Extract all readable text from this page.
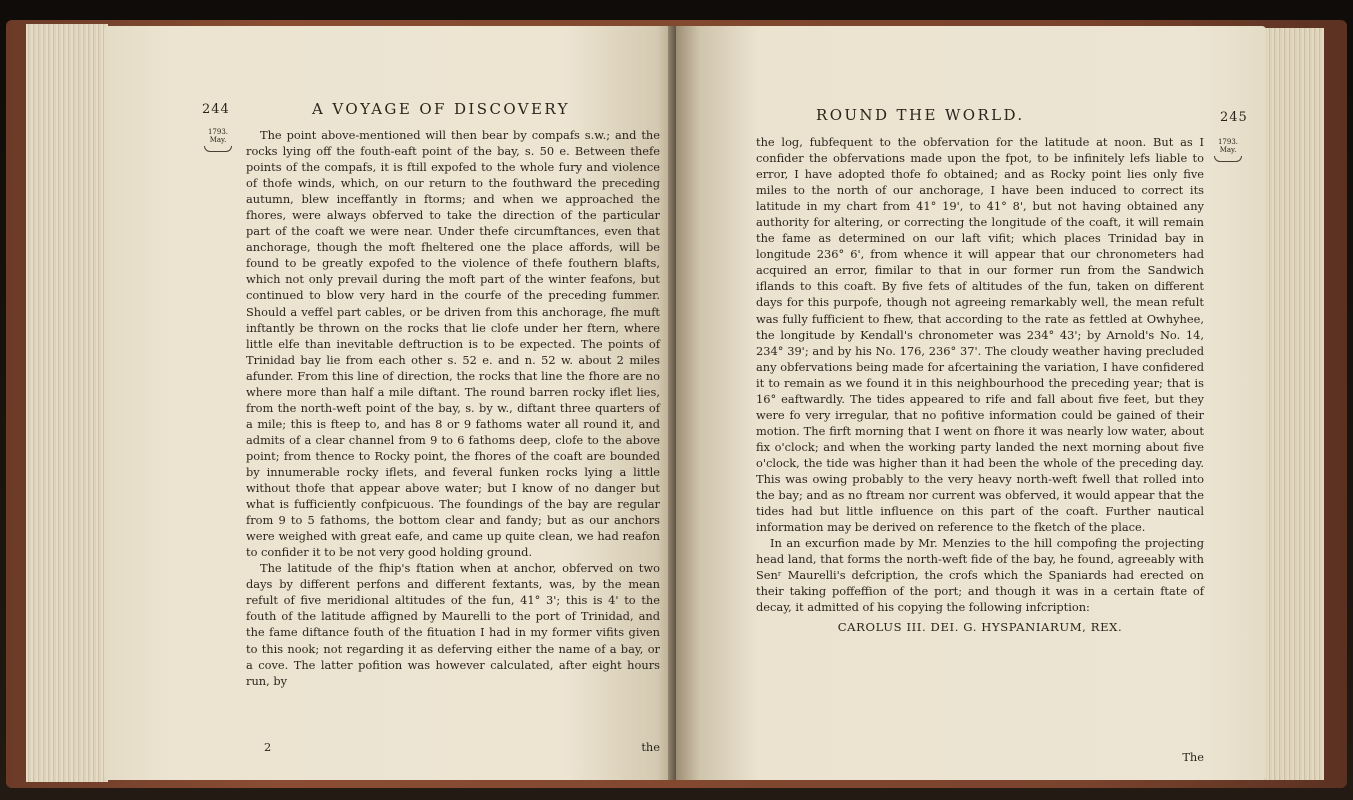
244	A VOYAGE OF DISCOVERY
1793.
May.	The point above-mentioned will then bear by compafs s.w.; and the rocks lying off the fouth-eaft point of the bay, s. 50 e. Between thefe points of the compafs, it is ftill expofed to the whole fury and violence of thofe winds, which, on our return to the fouthward the preceding autumn, blew inceffantly in ftorms; and when we approached the fhores, were always obferved to take the direction of the particular part of the coaft we were near. Under thefe circumftances, even that anchorage, though the moft fheltered one the place affords, will be found to be greatly expofed to the violence of thefe fouthern blafts, which not only prevail during the moft part of the winter feafons, but continued to blow very hard in the courfe of the preceding fummer. Should a veffel part cables, or be driven from this anchorage, fhe muft inftantly be thrown on the rocks that lie clofe under her ftern, where little elfe than inevitable deftruction is to be expected. The points of Trinidad bay lie from each other s. 52 e. and n. 52 w. about 2 miles afunder. From this line of direction, the rocks that line the fhore are no where more than half a mile diftant. The round barren rocky iflet lies, from the north-weft point of the bay, s. by w., diftant three quarters of a mile; this is fteep to, and has 8 or 9 fathoms water all round it, and admits of a clear channel from 9 to 6 fathoms deep, clofe to the above point; from thence to Rocky point, the fhores of the coaft are bounded by innumerable rocky iflets, and feveral funken rocks lying a little without thofe that appear above water; but I know of no danger but what is fufficiently confpicuous. The foundings of the bay are regular from 9 to 5 fathoms, the bottom clear and fandy; but as our anchors were weighed with great eafe, and came up quite clean, we had reafon to confider it to be not very good holding ground.

The latitude of the fhip's ftation when at anchor, obferved on two days by different perfons and different fextants, was, by the mean refult of five meridional altitudes of the fun, 41° 3'; this is 4' to the fouth of the latitude affigned by Maurelli to the port of Trinidad, and the fame diftance fouth of the fituation I had in my former vifits given to this nook; not regarding it as deferving either the name of a bay, or a cove. The latter pofition was however calculated, after eight hours run, by

2	the
ROUND THE WORLD.	245
1793.
May.

the log, fubfequent to the obfervation for the latitude at noon. But as I confider the obfervations made upon the fpot, to be infinitely lefs liable to error, I have adopted thofe fo obtained; and as Rocky point lies only five miles to the north of our anchorage, I have been induced to correct its latitude in my chart from 41° 19', to 41° 8', but not having obtained any authority for altering, or correcting the longitude of the coaft, it will remain the fame as determined on our laft vifit; which places Trinidad bay in longitude 236° 6', from whence it will appear that our chronometers had acquired an error, fimilar to that in our former run from the Sandwich iflands to this coaft. By five fets of altitudes of the fun, taken on different days for this purpofe, though not agreeing remarkably well, the mean refult was fully fufficient to fhew, that according to the rate as fettled at Owhyhee, the longitude by Kendall's chronometer was 234° 43'; by Arnold's No. 14, 234° 39'; and by his No. 176, 236° 37'. The cloudy weather having precluded any obfervations being made for afcertaining the variation, I have confidered it to remain as we found it in this neighbourhood the preceding year; that is 16° eaftwardly. The tides appeared to rife and fall about five feet, but they were fo very irregular, that no pofitive information could be gained of their motion. The firft morning that I went on fhore it was nearly low water, about fix o'clock; and when the working party landed the next morning about five o'clock, the tide was higher than it had been the whole of the preceding day. This was owing probably to the very heavy north-weft fwell that rolled into the bay; and as no ftream nor current was obferved, it would appear that the tides had but little influence on this part of the coaft. Further nautical information may be derived on reference to the fketch of the place.

In an excurfion made by Mr. Menzies to the hill compofing the projecting head land, that forms the north-weft fide of the bay, he found, agreeably with Senʳ Maurelli's defcription, the crofs which the Spaniards had erected on their taking poffeffion of the port; and though it was in a certain ftate of decay, it admitted of his copying the following infcription:

CAROLUS III. DEI. G. HYSPANIARUM, REX.

The
